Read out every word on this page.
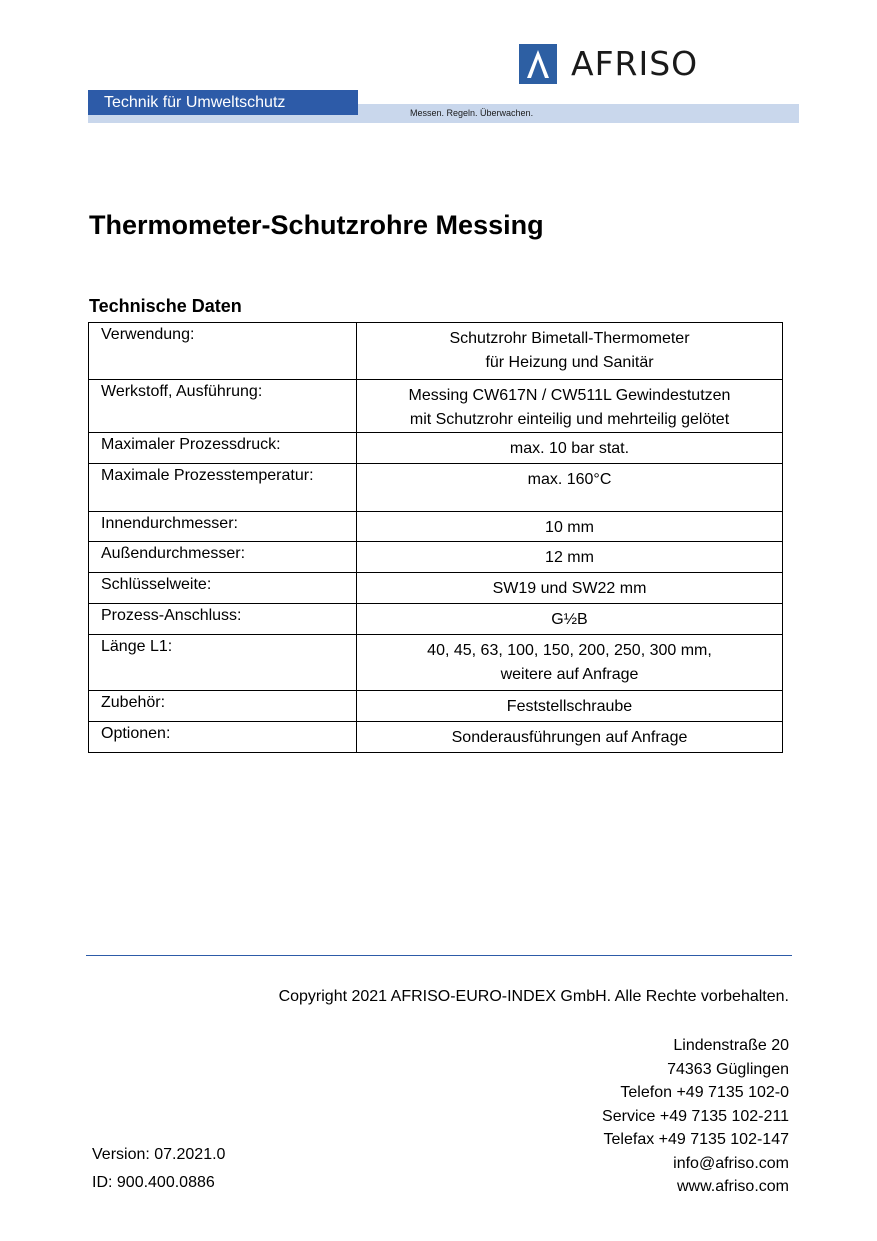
AFRISO
Technik für Umweltschutz
Messen. Regeln. Überwachen.
Thermometer-Schutzrohre Messing
Technische Daten
Verwendung:	Schutzrohr Bimetall-Thermometer
für Heizung und Sanitär

Werkstoff, Ausführung:	Messing CW617N / CW511L Gewindestutzen
mit Schutzrohr einteilig und mehrteilig gelötet

Maximaler Prozessdruck:	max. 10 bar stat.

Maximale Prozesstemperatur:	max. 160°C

Innendurchmesser:	10 mm

Außendurchmesser:	12 mm

Schlüsselweite:	SW19 und SW22 mm

Prozess-Anschluss:	G½B

Länge L1:	40, 45, 63, 100, 150, 200, 250, 300 mm,
weitere auf Anfrage

Zubehör:	Feststellschraube

Optionen:	Sonderausführungen auf Anfrage
Copyright 2021 AFRISO-EURO-INDEX GmbH. Alle Rechte vorbehalten.
Lindenstraße 20
74363 Güglingen
Telefon +49 7135 102-0
Service +49 7135 102-211
Telefax +49 7135 102-147
info@afriso.com
www.afriso.com
Version: 07.2021.0
ID: 900.400.0886
